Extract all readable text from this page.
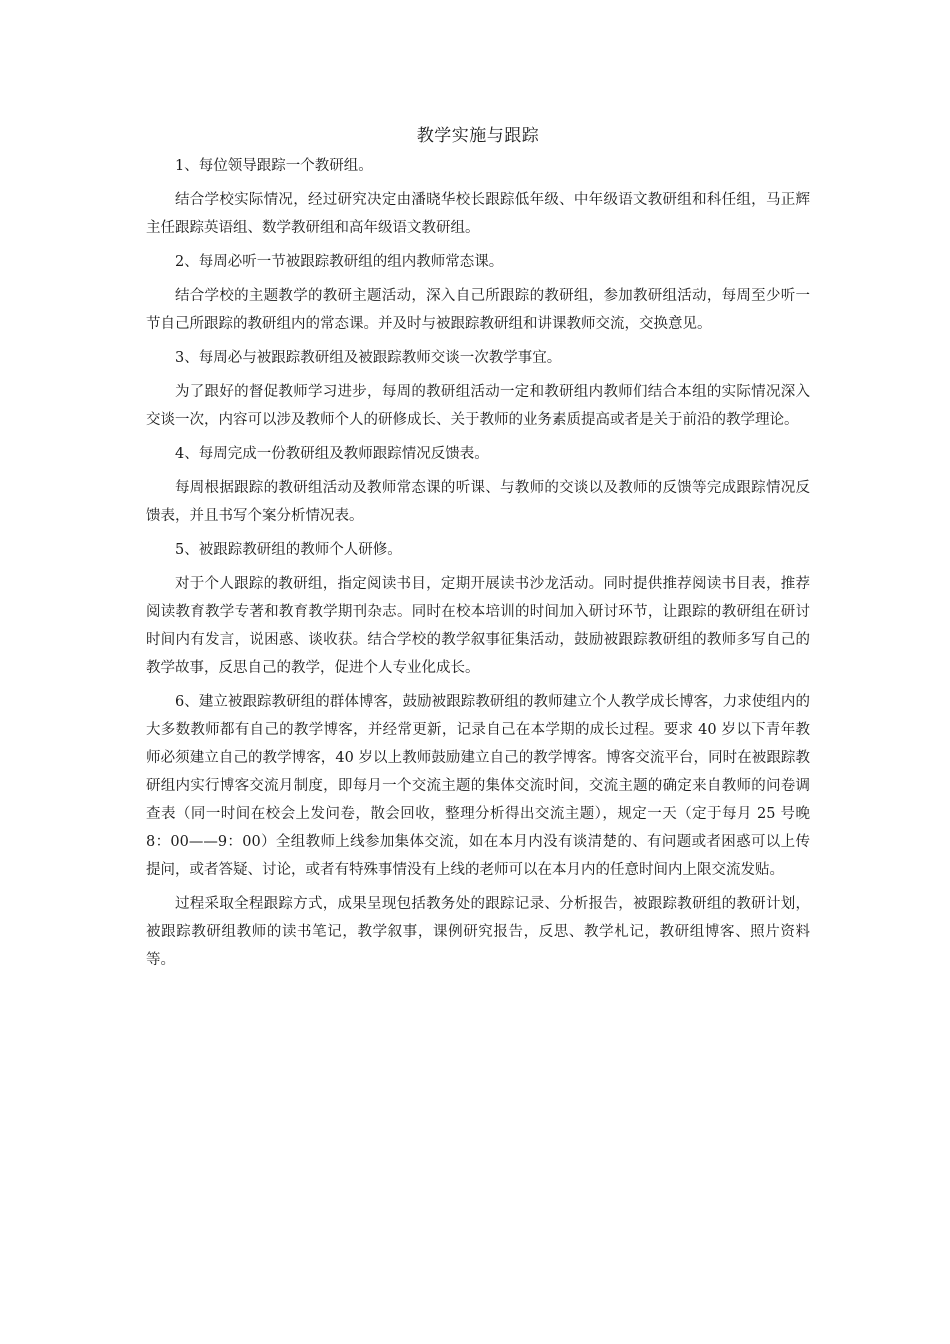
教学实施与跟踪
1、每位领导跟踪一个教研组。
结合学校实际情况，经过研究决定由潘晓华校长跟踪低年级、中年级语文教研组和科任组，马正辉主任跟踪英语组、数学教研组和高年级语文教研组。
2、每周必听一节被跟踪教研组的组内教师常态课。
结合学校的主题教学的教研主题活动，深入自己所跟踪的教研组，参加教研组活动，每周至少听一节自己所跟踪的教研组内的常态课。并及时与被跟踪教研组和讲课教师交流，交换意见。
3、每周必与被跟踪教研组及被跟踪教师交谈一次教学事宜。
为了跟好的督促教师学习进步，每周的教研组活动一定和教研组内教师们结合本组的实际情况深入交谈一次，内容可以涉及教师个人的研修成长、关于教师的业务素质提高或者是关于前沿的教学理论。
4、每周完成一份教研组及教师跟踪情况反馈表。
每周根据跟踪的教研组活动及教师常态课的听课、与教师的交谈以及教师的反馈等完成跟踪情况反馈表，并且书写个案分析情况表。
5、被跟踪教研组的教师个人研修。
对于个人跟踪的教研组，指定阅读书目，定期开展读书沙龙活动。同时提供推荐阅读书目表，推荐阅读教育教学专著和教育教学期刊杂志。同时在校本培训的时间加入研讨环节，让跟踪的教研组在研讨时间内有发言，说困惑、谈收获。结合学校的教学叙事征集活动，鼓励被跟踪教研组的教师多写自己的教学故事，反思自己的教学，促进个人专业化成长。
6、建立被跟踪教研组的群体博客，鼓励被跟踪教研组的教师建立个人教学成长博客，力求使组内的大多数教师都有自己的教学博客，并经常更新，记录自己在本学期的成长过程。要求 40 岁以下青年教师必须建立自己的教学博客，40 岁以上教师鼓励建立自己的教学博客。博客交流平台，同时在被跟踪教研组内实行博客交流月制度，即每月一个交流主题的集体交流时间，交流主题的确定来自教师的问卷调查表（同一时间在校会上发问卷，散会回收，整理分析得出交流主题），规定一天（定于每月 25 号晚 8：00——9：00）全组教师上线参加集体交流，如在本月内没有谈清楚的、有问题或者困惑可以上传提问，或者答疑、讨论，或者有特殊事情没有上线的老师可以在本月内的任意时间内上限交流发贴。
过程采取全程跟踪方式，成果呈现包括教务处的跟踪记录、分析报告，被跟踪教研组的教研计划，被跟踪教研组教师的读书笔记，教学叙事，课例研究报告，反思、教学札记，教研组博客、照片资料等。
